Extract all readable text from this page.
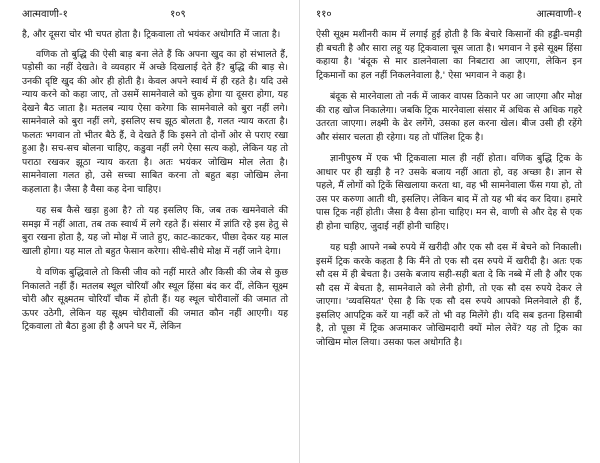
आत्मवाणी-१	१०९

है, और दूसरा चोर भी चपत होता है। ट्रिकवाला तो भयंकर अधोगति में जाता है।

वणिक तो बुद्धि की ऐसी बाड़ बना लेते हैं कि अपना खुद का हो संभालते हैं, पड़ोसी का नहीं देखते। वे व्यवहार में अच्छे दिखलाई देते हैं? बुद्धि की बाड़ से। उनकी दृष्टि खुद की ओर ही होती है। केवल अपने स्वार्थ में ही रहते है। यदि उसे न्याय करने को कहा जाए, तो उसमें सामनेवाले को चुक होगा या दूसरा होगा, यह देखने बैठ जाता है। मतलब न्याय ऐसा करेगा कि सामनेवाले को बुरा नहीं लगे। सामनेवाले को बुरा नहीं लगे, इसलिए सच झूठ बोलता है, गलत न्याय करता है। फलतः भगवान तो भीतर बैठे हैं, वे देखते हैं कि इसने तो दोनों ओर से पराए रखा हुआ है। सच-सच बोलना चाहिए, कडुवा नहीं लगे ऐसा सत्य कहो, लेकिन यह तो पराठा रखकर झूठा न्याय करता है। अतः भयंकर जोखिम मोल लेता है। सामनेवाला गलत हो, उसे सच्चा साबित करना तो बहुत बड़ा जोखिम लेना कहलाता है। जैसा है वैसा कह देना चाहिए।

यह सब कैसे खड़ा हुआ है? तो यह इसलिए कि, जब तक खमनेवाले की समझ में नहीं आता, तब तक स्वार्थ में लगे रहते हैं। संसार में ज्ञांति रहे इस हेतु से बुरा रखना होता है, यह जो मोक्ष में जाते हुए, काट-काटकर, पीछा देकर यह माल खाली होगा। यह माल तो बहुत फेसान करेगा। सीधे-सीधे मोक्ष में नहीं जाने देगा।

ये वणिक बुद्धिवाले तो किसी जीव को नहीं मारते और किसी की जेब से कुछ निकालते नहीं हैं। मतलब स्थूल चोरियाँ और स्थूल हिंसा बंद कर दीं, लेकिन सूक्ष्म चोरी और सूक्ष्मतम चोरियाँ चौक में होती हैं। यह स्थूल चोरीवालों की जमात तो ऊपर उठेगी, लेकिन यह सूक्ष्म चोरीवालों की जमात कौन नहीं आएगी। यह ट्रिकवाला तो बैठा हुआ ही है अपने घर में, लेकिन

११०	आत्मवाणी-१

ऐसी सूक्ष्म मशीनरी काम में लगाई हुई होती है कि बेचारे किसानों की हड्डी-चमड़ी ही बचती है और सारा लहू यह ट्रिकवाला चूस जाता है। भगवान ने इसे सूक्ष्म हिंसा कहाया है। 'बंदूक से मार डालनेवाला का निबटारा आ जाएगा, लेकिन इन ट्रिकमानों का हल नहीं निकलनेवाला है,' ऐसा भगवान ने कहा है।

बंदूक से मारनेवाला तो नर्क में जाकर वापस ठिकाने पर आ जाएगा और मोक्ष की राह खोज निकालेगा। जबकि ट्रिक मारनेवाला संसार में अधिक से अधिक गहरे उतरता जाएगा। लक्ष्मी के ढेर लगेंगे, उसका हल करना खेल। बीज उसी ही रहेंगे और संसार चलता ही रहेगा। यह तो पॉलिश ट्रिक है।

ज्ञानीपुरुष में एक भी ट्रिकवाला माल ही नहीं होता। वणिक बुद्धि ट्रिक के आधार पर ही खड़ी है न? उसके बजाय नहीं आता हो, वह अच्छा है। ज्ञान से पहले, मैं लोगों को ट्रिकें सिखलाया करता था, वह भी सामनेवाला फँस गया हो, तो उस पर करुणा आती थी, इसलिए। लेकिन बाद में तो यह भी बंद कर दिया। हमारे पास ट्रिक नहीं होती। जैसा है वैसा होना चाहिए। मन से, वाणी से और देह से एक ही होना चाहिए, जुदाई नहीं होनी चाहिए।

यह घड़ी आपने नब्बे रुपये में खरीदी और एक सौ दस में बेचने को निकाली। इसमें ट्रिक करके कहता है कि मैंने तो एक सौ दस रुपये में खरीदी है। अतः एक सौ दस में ही बेचता है। उसके बजाय सही-सही बता दे कि नब्बे में ली है और एक सौ दस में बेचता है, सामनेवाले को लेनी होगी, तो एक सौ दस रुपये देकर ले जाएगा। 'व्यवसियत' ऐसा है कि एक सौ दस रुपये आपको मिलनेवाले ही हैं, इसलिए आपट्रिक करें या नहीं करें तो भी वह मिलेंगे ही। यदि सब इतना हिसाबी है, तो पूछा में ट्रिक अजमाकर जोखिमदारी क्यों मोल लेवें? यह तो ट्रिक का जोखिम मोल लिया। उसका फल अधोगति है।
